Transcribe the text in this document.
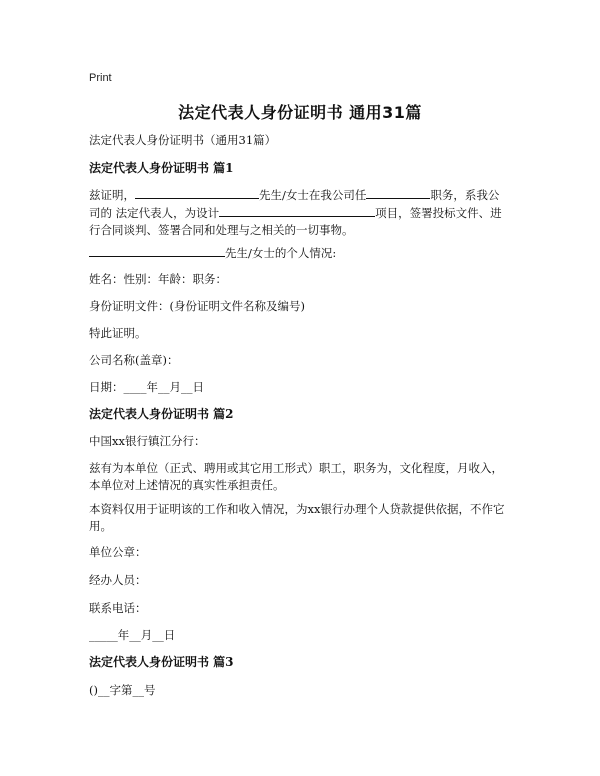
Print
法定代表人身份证明书 通用31篇
法定代表人身份证明书（通用31篇）
法定代表人身份证明书 篇1
兹证明，	先生/女士在我公司任	职务，系我公
司的 法定代表人，为设计	项目，签署投标文件、进
行合同谈判、签署合同和处理与之相关的一切事物。
先生/女士的个人情况:
姓名：性别：年龄：职务：
身份证明文件：(身份证明文件名称及编号)
特此证明。
公司名称(盖章)：
日期：____年__月__日
法定代表人身份证明书 篇2
中国xx银行镇江分行：
兹有为本单位（正式、聘用或其它用工形式）职工，职务为，文化程度，月收入，
本单位对上述情况的真实性承担责任。
本资料仅用于证明该的工作和收入情况，为xx银行办理个人贷款提供依据，不作它
用。
单位公章：
经办人员：
联系电话：
_____年__月__日
法定代表人身份证明书 篇3
()__字第__号
